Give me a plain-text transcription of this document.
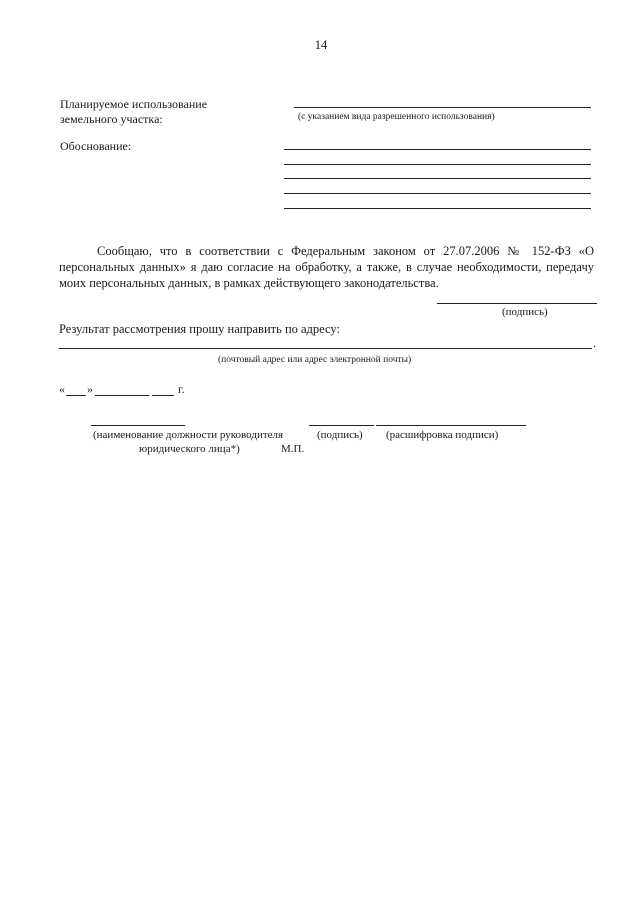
14
Планируемое использование
земельного участка:	(с указанием вида разрешенного использования)
Обоснование:
Сообщаю, что в соответствии с Федеральным законом от 27.07.2006 № 152-ФЗ «О персональных данных» я даю согласие на обработку, а также, в случае необходимости, передачу моих персональных данных, в рамках действующего законодательства.
(подпись)
Результат рассмотрения прошу направить по адресу:
.
(почтовый адрес или адрес электронной почты)
« »	г.
(наименование должности руководителя	(подпись) (расшифровка подписи)
юридического лица*)	М.П.
